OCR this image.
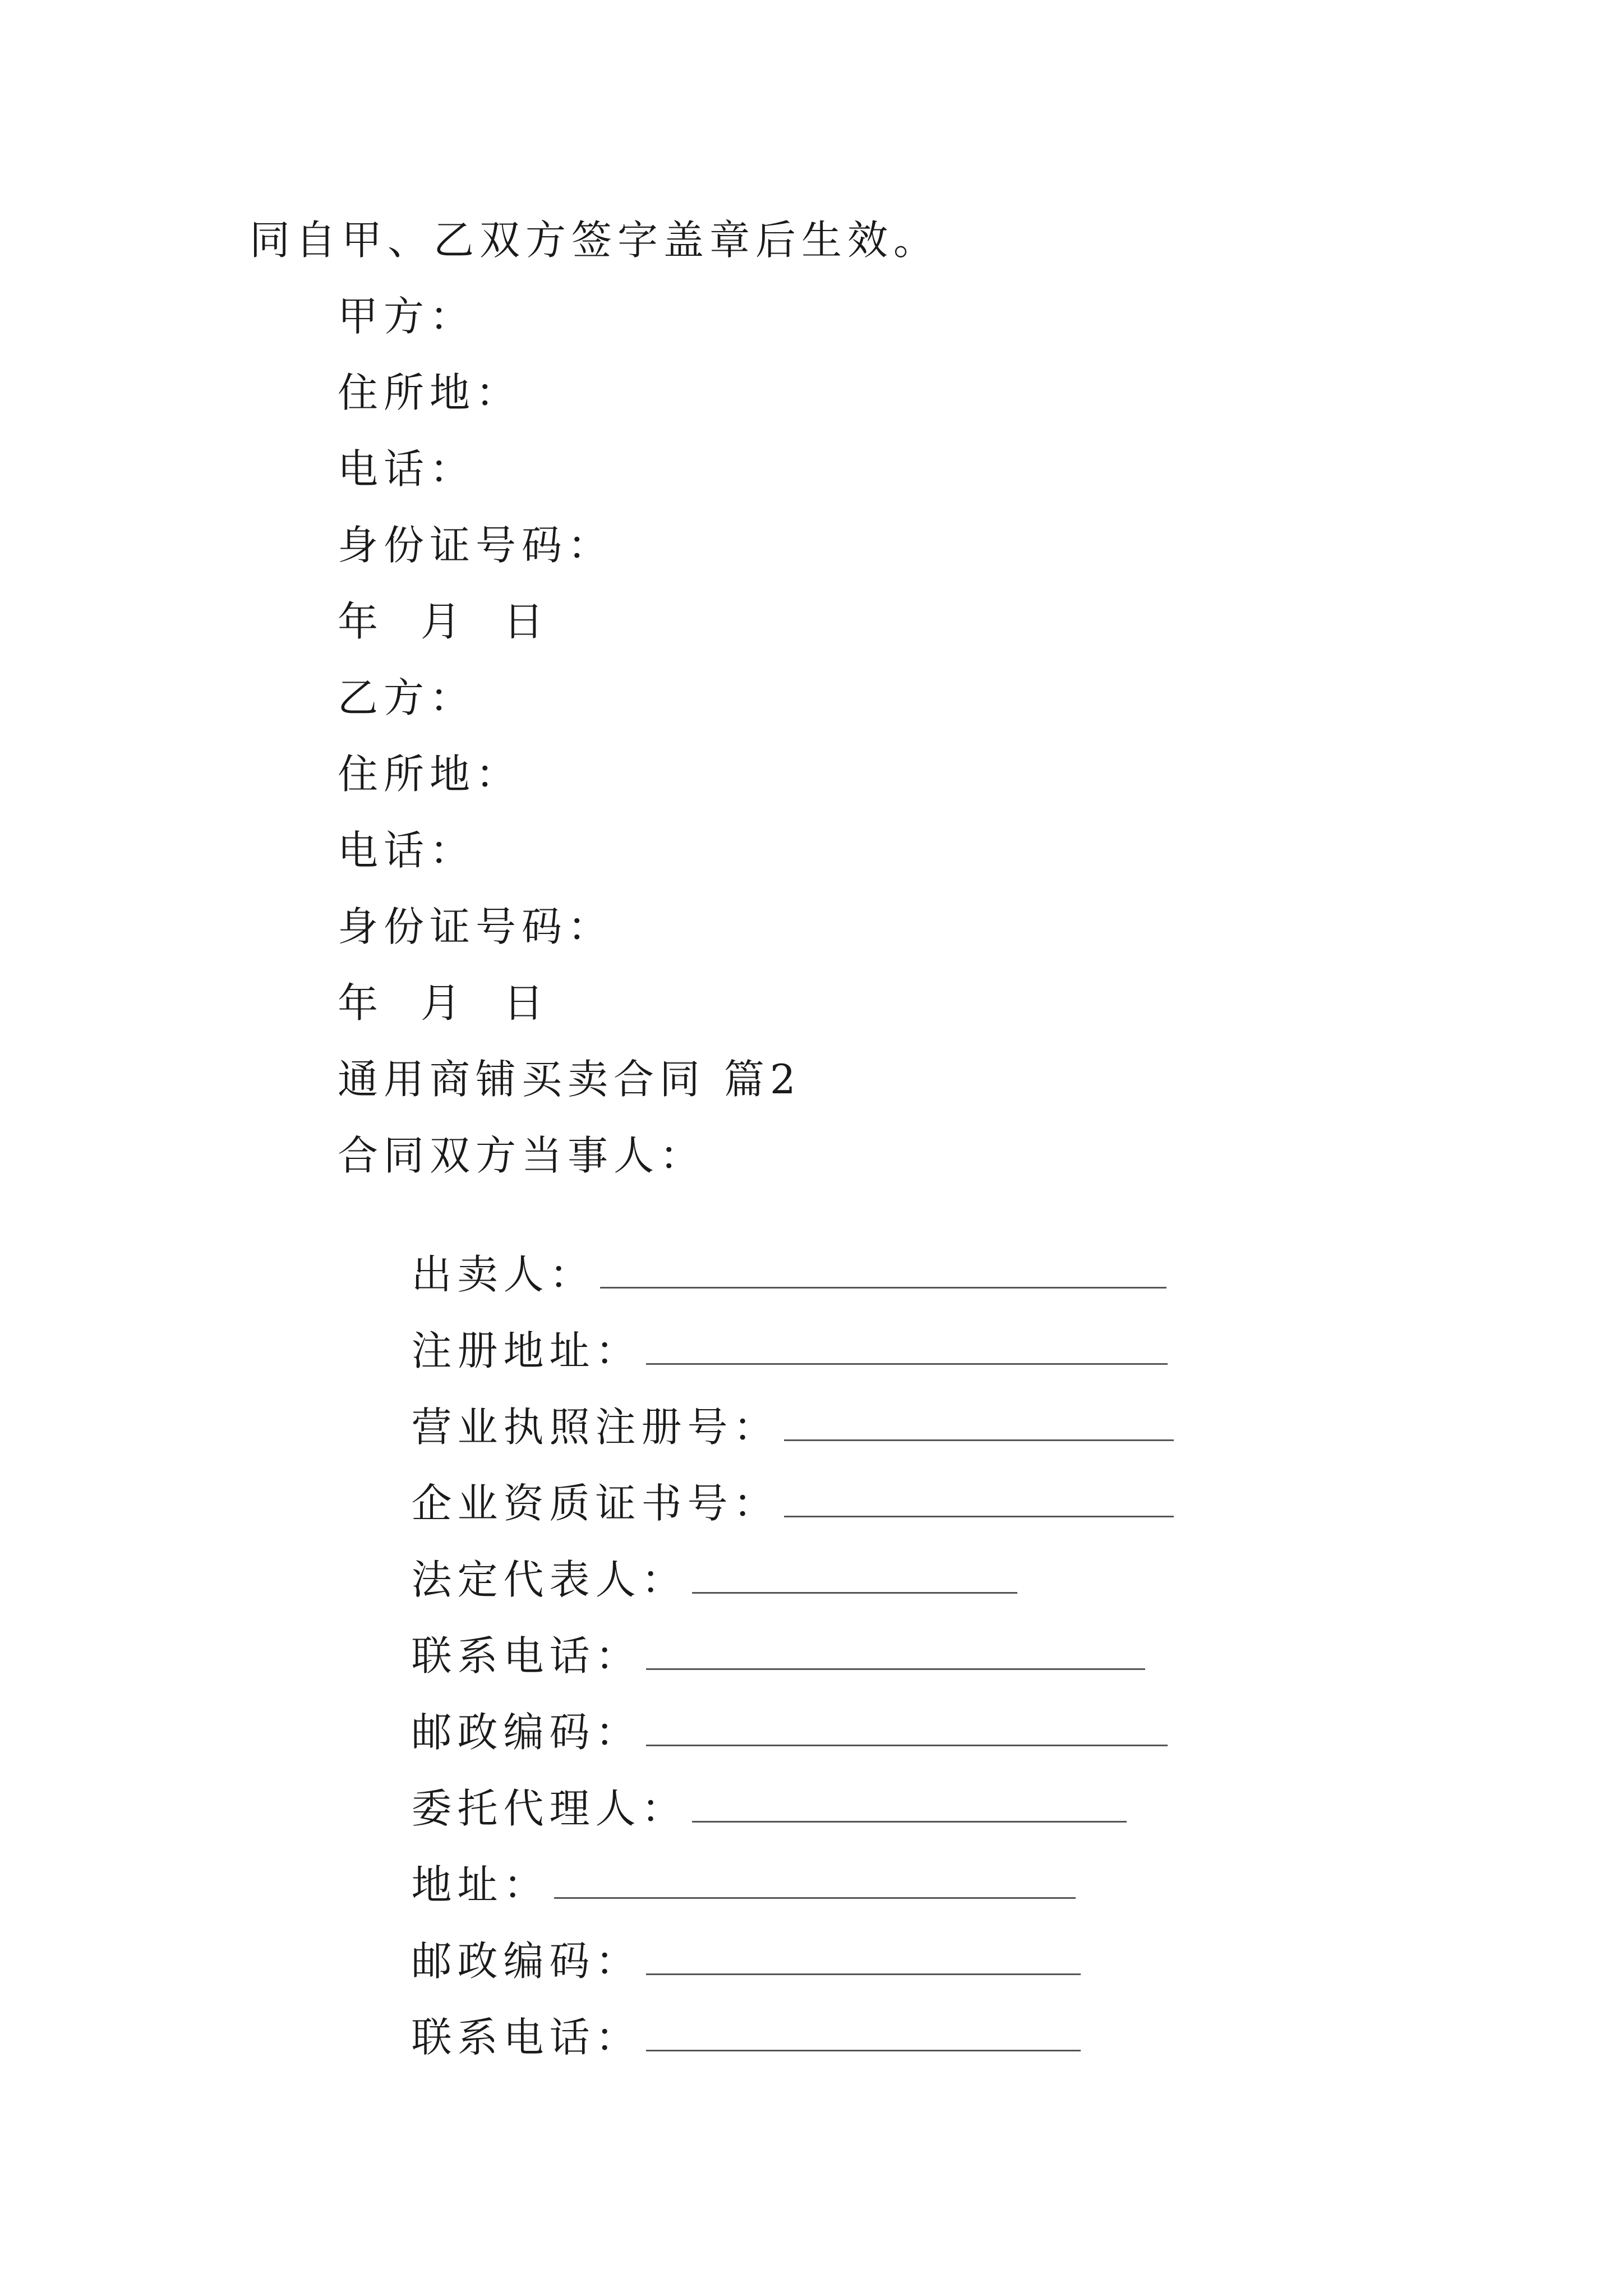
同自甲、乙双方签字盖章后生效。
甲方：
住所地：
电话：
身份证号码：
年  月  日
乙方：
住所地：
电话：
身份证号码：
年  月  日
通用商铺买卖合同 篇2
合同双方当事人：

出卖人：

注册地址：

营业执照注册号：

企业资质证书号：

法定代表人：

联系电话：

邮政编码：

委托代理人：

地址：

邮政编码：

联系电话：
